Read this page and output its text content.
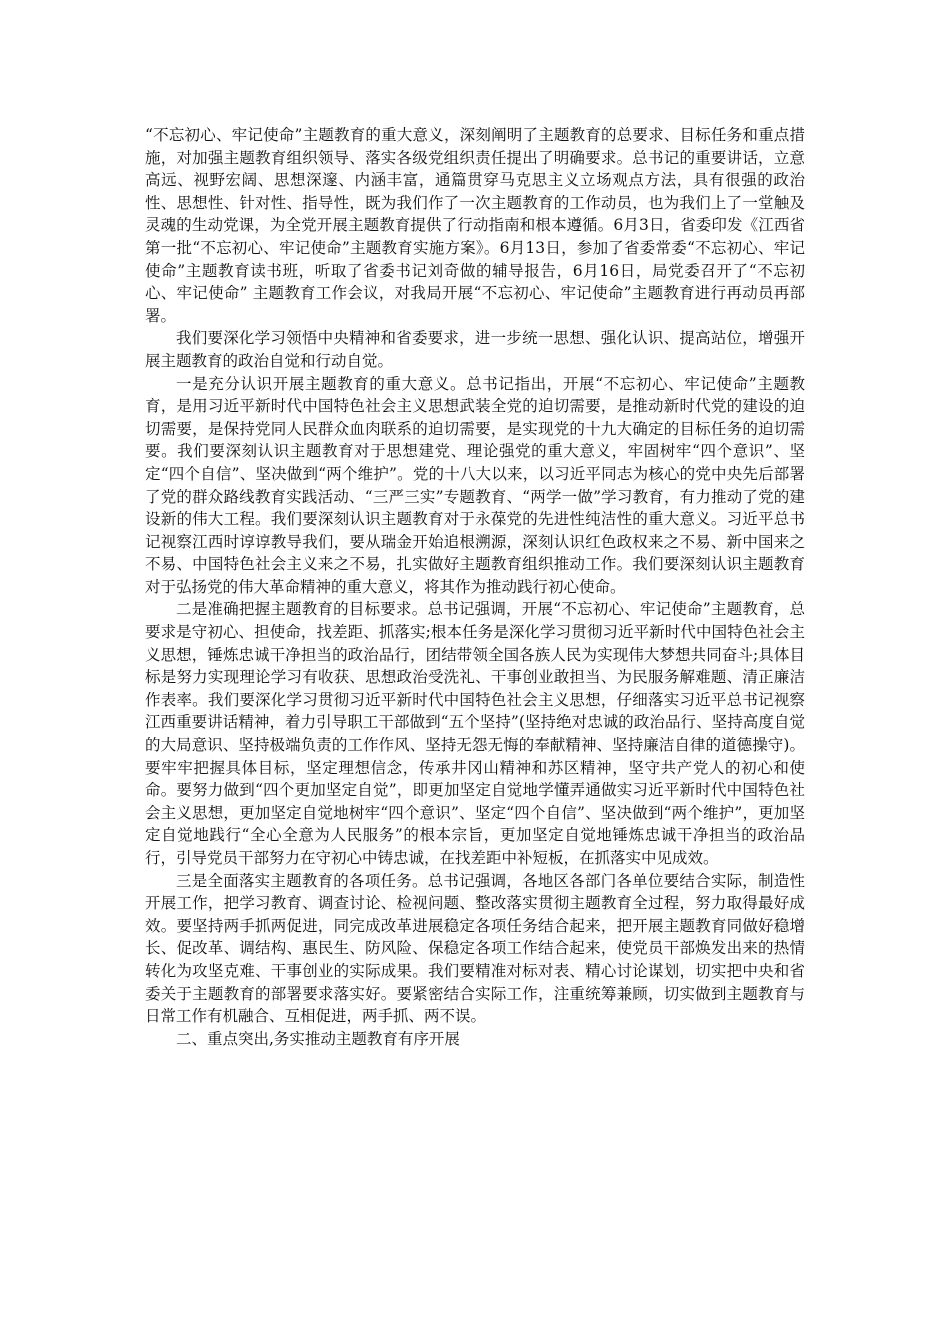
“不忘初心、牢记使命”主题教育的重大意义，深刻阐明了主题教育的总要求、目标任务和重点措施，对加强主题教育组织领导、落实各级党组织责任提出了明确要求。总书记的重要讲话，立意高远、视野宏阔、思想深邃、内涵丰富，通篇贯穿马克思主义立场观点方法，具有很强的政治性、思想性、针对性、指导性，既为我们作了一次主题教育的工作动员，也为我们上了一堂触及灵魂的生动党课，为全党开展主题教育提供了行动指南和根本遵循。6月3日，省委印发《江西省第一批“不忘初心、牢记使命”主题教育实施方案》。6月13日，参加了省委常委“不忘初心、牢记使命”主题教育读书班，听取了省委书记刘奇做的辅导报告，6月16日，局党委召开了“不忘初心、牢记使命” 主题教育工作会议，对我局开展“不忘初心、牢记使命”主题教育进行再动员再部署。

我们要深化学习领悟中央精神和省委要求，进一步统一思想、强化认识、提高站位，增强开展主题教育的政治自觉和行动自觉。

一是充分认识开展主题教育的重大意义。总书记指出，开展“不忘初心、牢记使命”主题教育，是用习近平新时代中国特色社会主义思想武装全党的迫切需要，是推动新时代党的建设的迫切需要，是保持党同人民群众血肉联系的迫切需要，是实现党的十九大确定的目标任务的迫切需要。我们要深刻认识主题教育对于思想建党、理论强党的重大意义，牢固树牢“四个意识”、坚定“四个自信”、坚决做到“两个维护”。党的十八大以来，以习近平同志为核心的党中央先后部署了党的群众路线教育实践活动、“三严三实”专题教育、“两学一做”学习教育，有力推动了党的建设新的伟大工程。我们要深刻认识主题教育对于永葆党的先进性纯洁性的重大意义。习近平总书记视察江西时谆谆教导我们，要从瑞金开始追根溯源，深刻认识红色政权来之不易、新中国来之不易、中国特色社会主义来之不易，扎实做好主题教育组织推动工作。我们要深刻认识主题教育对于弘扬党的伟大革命精神的重大意义，将其作为推动践行初心使命。

二是准确把握主题教育的目标要求。总书记强调，开展“不忘初心、牢记使命”主题教育，总要求是守初心、担使命，找差距、抓落实;根本任务是深化学习贯彻习近平新时代中国特色社会主义思想，锤炼忠诚干净担当的政治品行，团结带领全国各族人民为实现伟大梦想共同奋斗;具体目标是努力实现理论学习有收获、思想政治受洗礼、干事创业敢担当、为民服务解难题、清正廉洁作表率。我们要深化学习贯彻习近平新时代中国特色社会主义思想，仔细落实习近平总书记视察江西重要讲话精神，着力引导职工干部做到“五个坚持”(坚持绝对忠诚的政治品行、坚持高度自觉的大局意识、坚持极端负责的工作作风、坚持无怨无悔的奉献精神、坚持廉洁自律的道德操守)。要牢牢把握具体目标，坚定理想信念，传承井冈山精神和苏区精神，坚守共产党人的初心和使命。要努力做到“四个更加坚定自觉”，即更加坚定自觉地学懂弄通做实习近平新时代中国特色社会主义思想，更加坚定自觉地树牢“四个意识”、坚定“四个自信”、坚决做到“两个维护”，更加坚定自觉地践行“全心全意为人民服务”的根本宗旨，更加坚定自觉地锤炼忠诚干净担当的政治品行，引导党员干部努力在守初心中铸忠诚，在找差距中补短板，在抓落实中见成效。

三是全面落实主题教育的各项任务。总书记强调，各地区各部门各单位要结合实际，制造性开展工作，把学习教育、调查讨论、检视问题、整改落实贯彻主题教育全过程，努力取得最好成效。要坚持两手抓两促进，同完成改革进展稳定各项任务结合起来，把开展主题教育同做好稳增长、促改革、调结构、惠民生、防风险、保稳定各项工作结合起来，使党员干部焕发出来的热情转化为攻坚克难、干事创业的实际成果。我们要精准对标对表、精心讨论谋划，切实把中央和省委关于主题教育的部署要求落实好。要紧密结合实际工作，注重统筹兼顾，切实做到主题教育与日常工作有机融合、互相促进，两手抓、两不误。

二、重点突出,务实推动主题教育有序开展
